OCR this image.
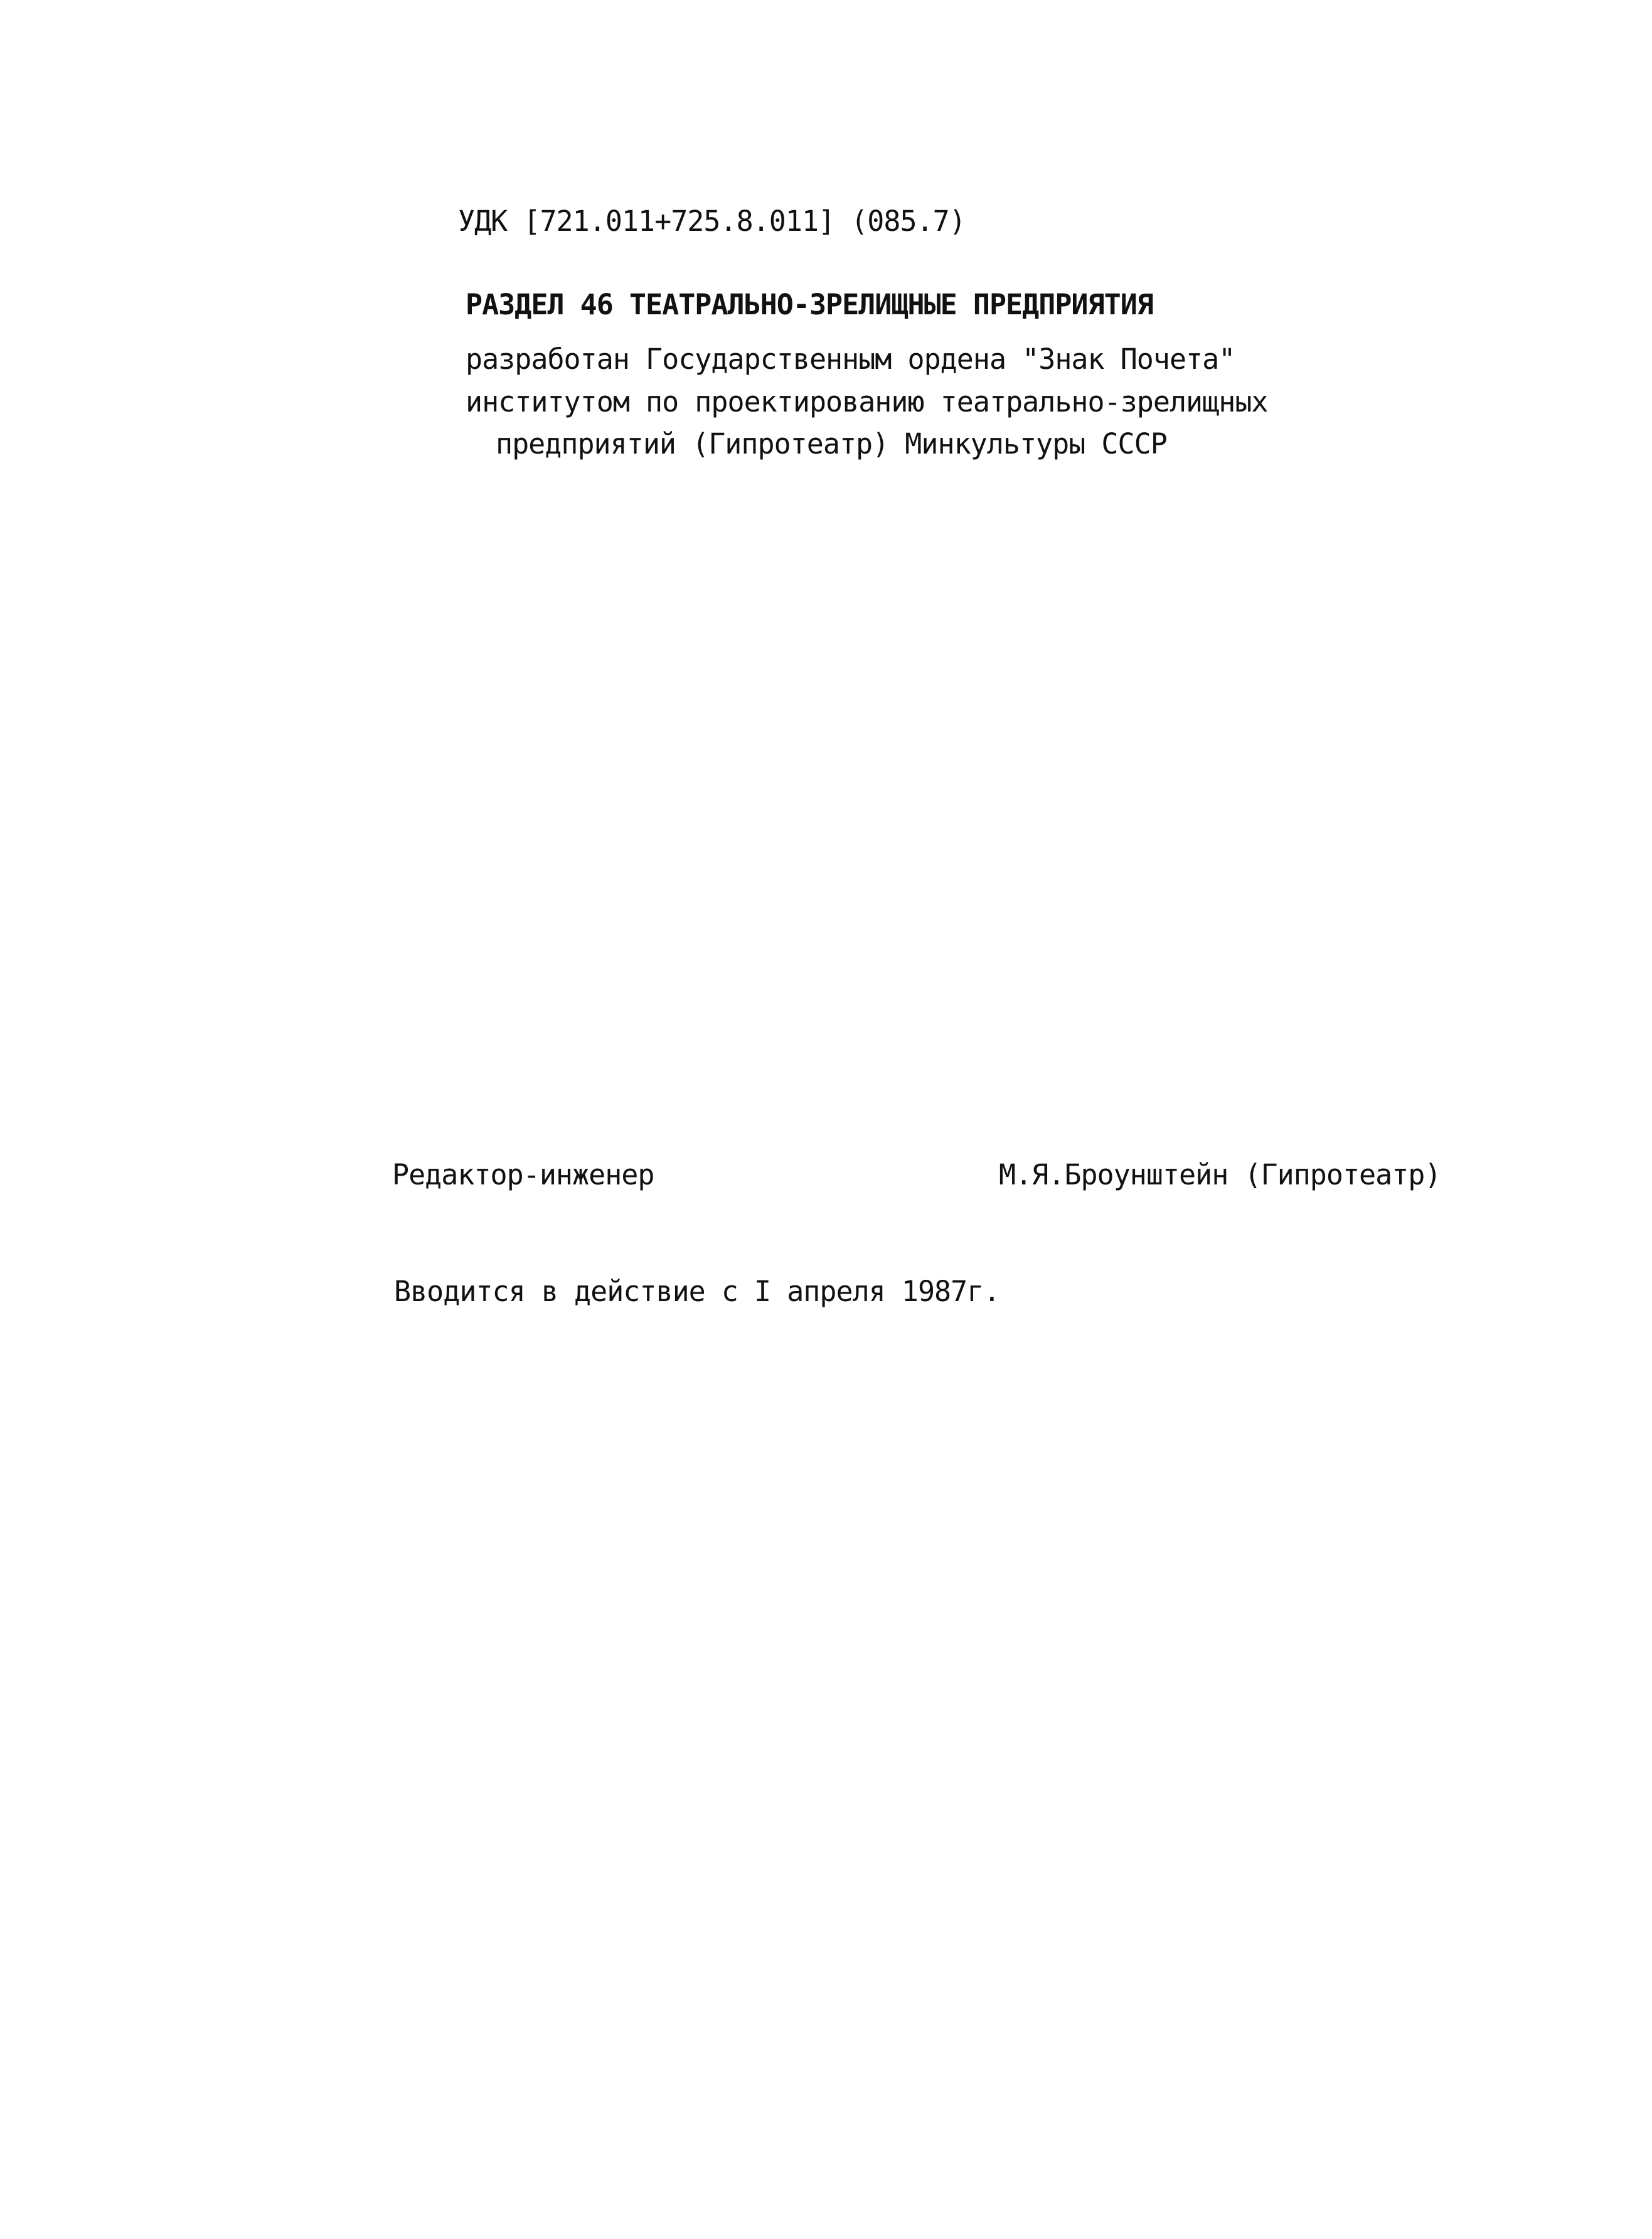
УДК [721.011+725.8.011] (085.7)
РАЗДЕЛ 46 ТЕАТРАЛЬНО-ЗРЕЛИЩНЫЕ ПРЕДПРИЯТИЯ
разработан Государственным ордена "Знак Почета"
институтом по проектированию театрально-зрелищных
предприятий (Гипротеатр) Минкультуры СССР
Редактор-инженер	М.Я.Броунштейн (Гипротеатр)
Вводится в действие с I апреля 1987г.
